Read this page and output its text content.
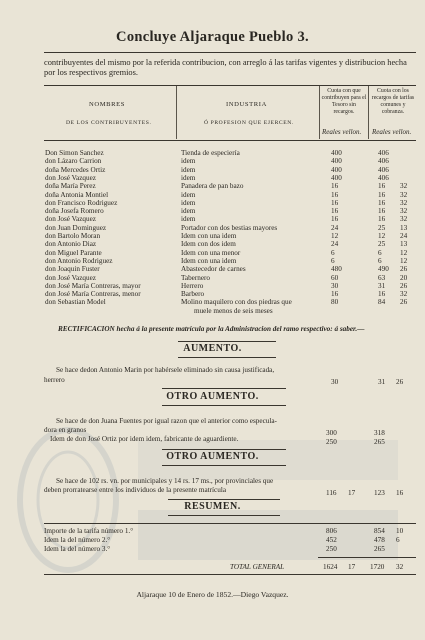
Concluye Aljaraque Pueblo 3.
contribuyentes del mismo por la referida contribucion, con arreglo á las tarifas vigentes y distribucion hecha por los respectivos gremios.
NOMBRES	INDUSTRIA
DE LOS CONTRIBUYENTES.	Ó PROFESION QUE EJERCEN.
Cuota con que contribuyen para el Tesoro sin recargos.
Cuota con los recargos de tarifas comunes y cobranza.
Reales vellon. Reales vellon.
Don Simon Sanchez	Tienda de especiería	400	406
don Lázaro Carrion	idem	400	406
doña Mercedes Ortiz	idem	400	406
don José Vazquez	idem	400	406
doña María Perez	Panadera de pan bazo	16	16 32
doña Antonia Montiel	idem	16	16 32
don Francisco Rodriguez	idem	16	16 32
doña Josefa Romero	idem	16	16 32
don José Vazquez	idem	16	16 32
don Juan Dominguez	Portador con dos bestias mayores	24	25 13
don Bartolo Moran	Idem con una idem	12	12 24
don Antonio Diaz	Idem con dos idem	24	25 13
don Miguel Parante	Idem con una menor	6	6	12
don Antonio Rodriguez	Idem con una idem	6	6	12
don Joaquin Fuster	Abastecedor de carnes	480	490 26
don José Vazquez	Tabernero	60	63 20
don José María Contreras, mayor	Herrero	30	31 26
don José María Contreras, menor	Barbero	16	16 32
don Sebastian Model	Molino maquilero con dos piedras que	80	84 26
muele menos de seis meses
RECTIFICACION hecha á la presente matrícula por la Administracion del ramo respectivo: á saber.—
AUMENTO.
Se hace dedon Antonio Marin por habérsele eliminado sin causa justificada,
herrero	30	31 26
OTRO AUMENTO.
Se hace de don Juana Fuentes por igual razon que el anterior como especula-
dora en granos
Idem de don José Ortiz por idem idem, fabricante de aguardiente.
300	318
250	265
OTRO AUMENTO.
Se hace de 102 rs. vn. por municipales y 14 rs. 17 ms., por provinciales que
deben prorratearse entre los individuos de la presente matrícula	116 17	123 16
RESUMEN.
Importe de la tarifa número 1.°	806	854 10
Idem la del número 2.°	452	478 6
Idem la del número 3.°	250	265
TOTAL GENERAL	1624 17 1720 32
Aljaraque 10 de Enero de 1852.—Diego Vazquez.
